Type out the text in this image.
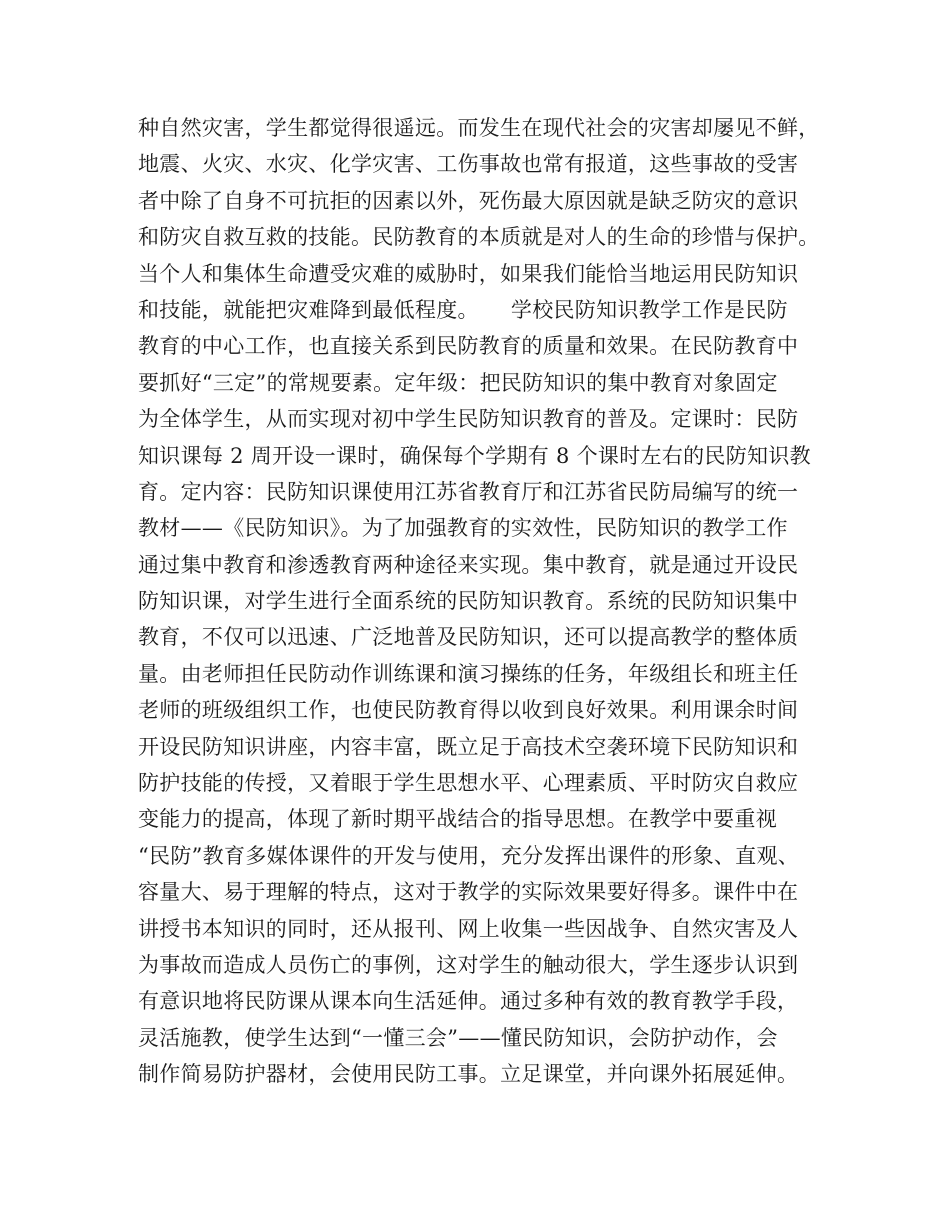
种自然灾害，学生都觉得很遥远。而发生在现代社会的灾害却屡见不鲜，
地震、火灾、水灾、化学灾害、工伤事故也常有报道，这些事故的受害
者中除了自身不可抗拒的因素以外，死伤最大原因就是缺乏防灾的意识
和防灾自救互救的技能。民防教育的本质就是对人的生命的珍惜与保护。
当个人和集体生命遭受灾难的威胁时，如果我们能恰当地运用民防知识
和技能，就能把灾难降到最低程度。　　学校民防知识教学工作是民防
教育的中心工作，也直接关系到民防教育的质量和效果。在民防教育中
要抓好“三定”的常规要素。定年级：把民防知识的集中教育对象固定
为全体学生，从而实现对初中学生民防知识教育的普及。定课时：民防
知识课每 2 周开设一课时，确保每个学期有 8 个课时左右的民防知识教
育。定内容：民防知识课使用江苏省教育厅和江苏省民防局编写的统一
教材——《民防知识》。为了加强教育的实效性，民防知识的教学工作
通过集中教育和渗透教育两种途径来实现。集中教育，就是通过开设民
防知识课，对学生进行全面系统的民防知识教育。系统的民防知识集中
教育，不仅可以迅速、广泛地普及民防知识，还可以提高教学的整体质
量。由老师担任民防动作训练课和演习操练的任务，年级组长和班主任
老师的班级组织工作，也使民防教育得以收到良好效果。利用课余时间
开设民防知识讲座，内容丰富，既立足于高技术空袭环境下民防知识和
防护技能的传授，又着眼于学生思想水平、心理素质、平时防灾自救应
变能力的提高，体现了新时期平战结合的指导思想。在教学中要重视
“民防”教育多媒体课件的开发与使用，充分发挥出课件的形象、直观、
容量大、易于理解的特点，这对于教学的实际效果要好得多。课件中在
讲授书本知识的同时，还从报刊、网上收集一些因战争、自然灾害及人
为事故而造成人员伤亡的事例，这对学生的触动很大，学生逐步认识到
有意识地将民防课从课本向生活延伸。通过多种有效的教育教学手段，
灵活施教，使学生达到“一懂三会”——懂民防知识，会防护动作，会
制作简易防护器材，会使用民防工事。立足课堂，并向课外拓展延伸。
